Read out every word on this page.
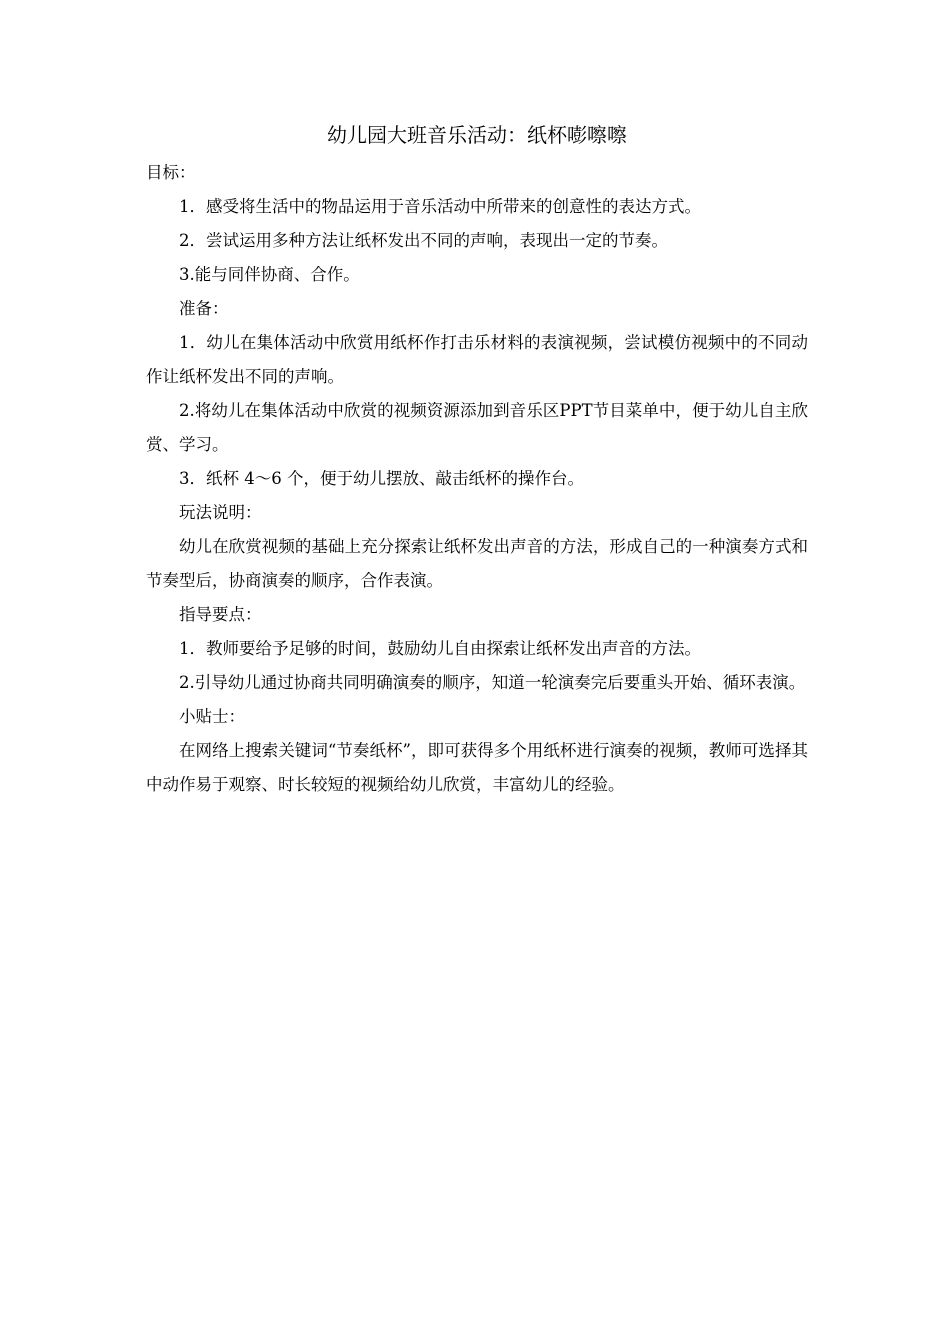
幼儿园大班音乐活动：纸杯嘭嚓嚓

目标：

1．感受将生活中的物品运用于音乐活动中所带来的创意性的表达方式。

2．尝试运用多种方法让纸杯发出不同的声响，表现出一定的节奏。

3.能与同伴协商、合作。

准备：

1．幼儿在集体活动中欣赏用纸杯作打击乐材料的表演视频，尝试模仿视频中的不同动作让纸杯发出不同的声响。

2.将幼儿在集体活动中欣赏的视频资源添加到音乐区PPT节目菜单中，便于幼儿自主欣赏、学习。

3．纸杯 4～6 个，便于幼儿摆放、敲击纸杯的操作台。

玩法说明：

幼儿在欣赏视频的基础上充分探索让纸杯发出声音的方法，形成自己的一种演奏方式和节奏型后，协商演奏的顺序，合作表演。

指导要点：

1．教师要给予足够的时间，鼓励幼儿自由探索让纸杯发出声音的方法。

2.引导幼儿通过协商共同明确演奏的顺序，知道一轮演奏完后要重头开始、循环表演。

小贴士：

在网络上搜索关键词“节奏纸杯”，即可获得多个用纸杯进行演奏的视频，教师可选择其中动作易于观察、时长较短的视频给幼儿欣赏，丰富幼儿的经验。
